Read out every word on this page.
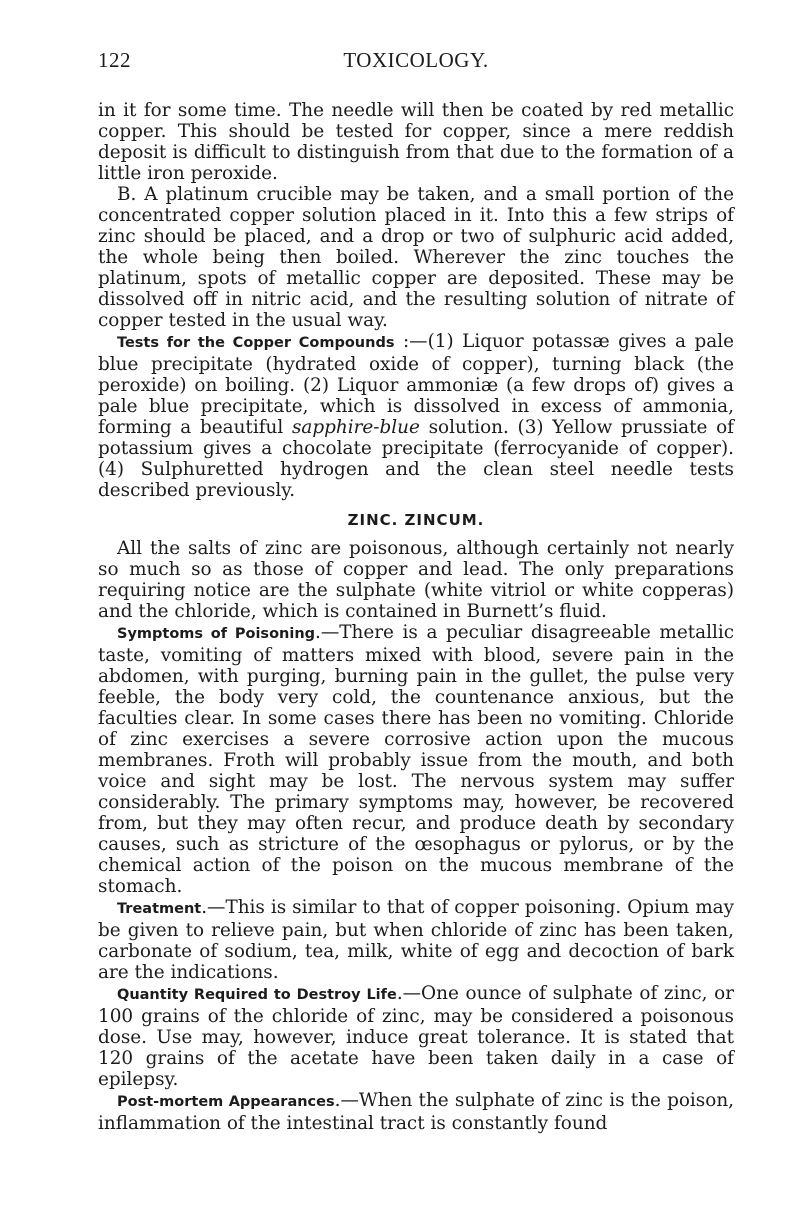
122	TOXICOLOGY.

in it for some time. The needle will then be coated by red metallic copper. This should be tested for copper, since a mere reddish deposit is difficult to distinguish from that due to the formation of a little iron peroxide.

B. A platinum crucible may be taken, and a small portion of the concentrated copper solution placed in it. Into this a few strips of zinc should be placed, and a drop or two of sulphuric acid added, the whole being then boiled. Wherever the zinc touches the platinum, spots of metallic copper are deposited. These may be dissolved off in nitric acid, and the resulting solution of nitrate of copper tested in the usual way.

Tests for the Copper Compounds :—(1) Liquor potassæ gives a pale blue precipitate (hydrated oxide of copper), turning black (the peroxide) on boiling. (2) Liquor ammoniæ (a few drops of) gives a pale blue precipitate, which is dissolved in excess of ammonia, forming a beautiful sapphire-blue solution. (3) Yellow prussiate of potassium gives a chocolate precipitate (ferrocyanide of copper). (4) Sulphuretted hydrogen and the clean steel needle tests described previously.

ZINC. ZINCUM.

All the salts of zinc are poisonous, although certainly not nearly so much so as those of copper and lead. The only preparations requiring notice are the sulphate (white vitriol or white copperas) and the chloride, which is contained in Burnett’s fluid.

Symptoms of Poisoning.—There is a peculiar disagreeable metallic taste, vomiting of matters mixed with blood, severe pain in the abdomen, with purging, burning pain in the gullet, the pulse very feeble, the body very cold, the countenance anxious, but the faculties clear. In some cases there has been no vomiting. Chloride of zinc exercises a severe corrosive action upon the mucous membranes. Froth will probably issue from the mouth, and both voice and sight may be lost. The nervous system may suffer considerably. The primary symptoms may, however, be recovered from, but they may often recur, and produce death by secondary causes, such as stricture of the œsophagus or pylorus, or by the chemical action of the poison on the mucous membrane of the stomach.

Treatment.—This is similar to that of copper poisoning. Opium may be given to relieve pain, but when chloride of zinc has been taken, carbonate of sodium, tea, milk, white of egg and decoction of bark are the indications.

Quantity Required to Destroy Life.—One ounce of sulphate of zinc, or 100 grains of the chloride of zinc, may be considered a poisonous dose. Use may, however, induce great tolerance. It is stated that 120 grains of the acetate have been taken daily in a case of epilepsy.

Post-mortem Appearances.—When the sulphate of zinc is the poison, inflammation of the intestinal tract is constantly found
